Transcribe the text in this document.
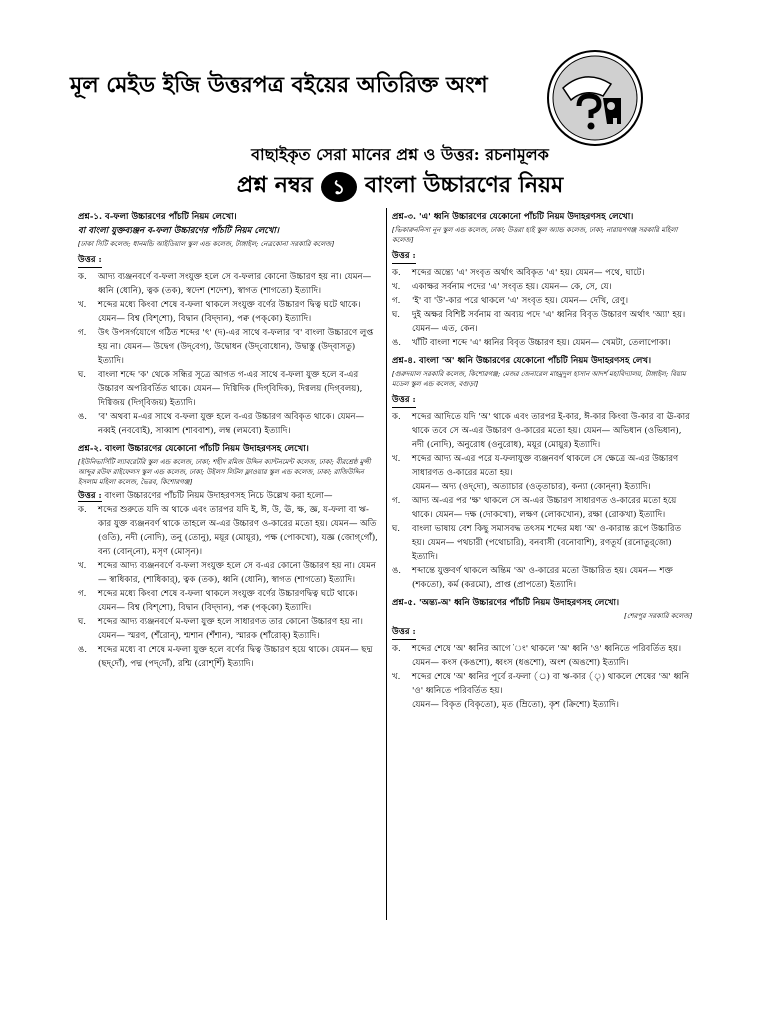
মূল মেইড ইজি উত্তরপত্র বইয়ের অতিরিক্ত অংশ
বাছাইকৃত সেরা মানের প্রশ্ন ও উত্তর: রচনামূলক
প্রশ্ন নম্বর ১ বাংলা উচ্চারণের নিয়ম
প্রশ্ন-১. ব-ফলা উচ্চারণের পাঁচটি নিয়ম লেখো।
বা বাংলা যুক্তব্যঞ্জন ব-ফলা উচ্চারণের পাঁচটি নিয়ম লেখো।
[ঢাকা সিটি কলেজ; ধানমন্ডি আইডিয়াল স্কুল এন্ড কলেজ, টাঙ্গাইল; নেত্রকোনা সরকারি কলেজ]
উত্তর :
ক.	আদ্য ব্যঞ্জনবর্ণে ব-ফলা সংযুক্ত হলে সে ব-ফলার কোনো উচ্চারণ হয় না। যেমন— ধ্বনি (ধোনি), ত্বক (তক), স্বদেশ (শদেশ), স্বাগত (শাগতো) ইত্যাদি।
খ.	শব্দের মধ্যে কিংবা শেষে ব-ফলা থাকলে সংযুক্ত বর্ণের উচ্চারণ দ্বিত্ব ঘটে থাকে। যেমন— বিশ্ব (বিশ্‌শো), বিদ্বান (বিদ্‌দান), পক্ব (পক্‌কো) ইত্যাদি।
গ.	উৎ উপসর্গযোগে গঠিত শব্দের 'ৎ' (দ)-এর সাথে ব-ফলার 'ব' বাংলা উচ্চারণে লুপ্ত হয় না। যেমন— উদ্বেগ (উদ্‌বেগ), উদ্বোধন (উদ্‌বোধোন), উদ্বাস্তু (উদ্‌বাসতু) ইত্যাদি।
ঘ.	বাংলা শব্দে 'ক' থেকে সন্ধির সূত্রে আগত গ-এর সাথে ব-ফলা যুক্ত হলে ব-এর উচ্চারণ অপরিবর্তিত থাকে। যেমন— দিগ্বিদিক (দিগ্‌বিদিক), দিগ্বলয় (দিগ্‌বলয়), দিগ্বিজয় (দিগ্‌বিজয়) ইত্যাদি।
ঙ.	'ব' অথবা ম-এর সাথে ব-ফলা যুক্ত হলে ব-এর উচ্চারণ অবিকৃত থাকে। যেমন— নব্বই (নববোই), সাব্বাশ (শাববাশ), লম্ব (লমবো) ইত্যাদি।
প্রশ্ন-২. বাংলা উচ্চারণের যেকোনো পাঁচটি নিয়ম উদাহরণসহ লেখো।
[ইউনিভার্সিটি ল্যাবরেটরি স্কুল এন্ড কলেজ, ঢাকা; শহীদ রমিজ উদ্দিন ক্যান্টনমেন্ট কলেজ, ঢাকা; বীরশ্রেষ্ঠ মুন্সী আব্দুর রউফ রাইফেলস স্কুল এন্ড কলেজ, ঢাকা; উইলস লিটল ফ্লাওয়ার স্কুল এন্ড কলেজ, ঢাকা; রাজিউদ্দিন ইসলাম মহিলা কলেজ, ভৈরব, কিশোরগঞ্জ]
উত্তর : বাংলা উচ্চারণের পাঁচটি নিয়ম উদাহরণসহ নিচে উল্লেখ করা হলো—
ক.	শব্দের শুরুতে যদি অ থাকে এবং তারপর যদি ই, ঈ, উ, ঊ, ক্ষ, জ্ঞ, য-ফলা বা ঋ-কার যুক্ত ব্যঞ্জনবর্ণ থাকে তাহলে অ-এর উচ্চারণ ও-কারের মতো হয়। যেমন— অতি (ওতি), নদী (নোদি), তনু (তোনু), ময়ূর (মোয়ূর), পক্ষ (পোকখো), যজ্ঞ (জোগ্‌গোঁ), বন্য (বোন্‌নো), মসৃণ (মোসৃন)।
খ.	শব্দের আদ্য ব্যঞ্জনবর্ণে ব-ফলা সংযুক্ত হলে সে ব-এর কোনো উচ্চারণ হয় না। যেমন— স্বাধিকার, (শাধিকার্‌), ত্বক (তক), ধ্বনি (ধোনি), স্বাগত (শাগতো) ইত্যাদি।
গ.	শব্দের মধ্যে কিংবা শেষে ব-ফলা থাকলে সংযুক্ত বর্ণের উচ্চারণদ্বিত্ব ঘটে থাকে। যেমন— বিশ্ব (বিশ্‌শো), বিদ্বান (বিদ্‌দান), পক্ব (পক্‌কো) ইত্যাদি।
ঘ.	শব্দের আদ্য ব্যঞ্জনবর্ণে ম-ফলা যুক্ত হলে সাধারণত তার কোনো উচ্চারণ হয় না। যেমন— স্মরণ, (শঁরোন্‌), শ্মশান (শঁশান), স্মারক (শাঁরোক্‌) ইত্যাদি।
ঙ.	শব্দের মধ্যে বা শেষে ম-ফলা যুক্ত হলে বর্ণের দ্বিত্ব উচ্চারণ হয়ে থাকে। যেমন— ছদ্ম (ছদ্‌দোঁ), পদ্ম (পদ্‌দোঁ), রশ্মি (রোশ্‌শিঁ) ইত্যাদি।
প্রশ্ন-৩. 'এ' ধ্বনি উচ্চারণের যেকোনো পাঁচটি নিয়ম উদাহরণসহ লেখো।
[ভিকারুননিসা নূন স্কুল এন্ড কলেজ, ঢাকা; উত্তরা হাই স্কুল অ্যান্ড কলেজ, ঢাকা; নারায়ণগঞ্জ সরকারি মহিলা কলেজ]
উত্তর :
ক.	শব্দের অন্ত্যে 'এ' সংবৃত অর্থাৎ অবিকৃত 'এ' হয়। যেমন— পথে, ঘাটে।
খ.	একাক্ষর সর্বনাম পদের 'এ' সংবৃত হয়। যেমন— কে, সে, যে।
গ.	'ই' বা 'উ'-কার পরে থাকলে 'এ' সংবৃত হয়। যেমন— দেখি, রেণু।
ঘ.	দুই অক্ষর বিশিষ্ট সর্বনাম বা অব্যয় পদে 'এ' ধ্বনির বিবৃত উচ্চারণ অর্থাৎ 'অ্যা' হয়। যেমন— এত, কেন।
ঙ.	খাঁটি বাংলা শব্দে 'এ' ধ্বনির বিবৃত উচ্চারণ হয়। যেমন— খেমটা, তেলাপোকা।
প্রশ্ন-৪. বাংলা 'অ' ধ্বনি উচ্চারণের যেকোনো পাঁচটি নিয়ম উদাহরণসহ লেখ।
[গুরুদয়াল সরকারি কলেজ, কিশোরগঞ্জ; মেজর জেনারেল মাহমুদুল হাসান আদর্শ মহাবিদ্যালয়, টাঙ্গাইল; বিয়াম মডেল স্কুল এন্ড কলেজ, বগুড়া]
উত্তর :
ক.	শব্দের আদিতে যদি 'অ' থাকে এবং তারপর ই-কার, ঈ-কার কিংবা উ-কার বা ঊ-কার থাকে তবে সে অ-এর উচ্চারণ ও-কারের মতো হয়। যেমন— অভিধান (ওভিধান), নদী (নোদি), অনুরোধ (ওনুরোধ), ময়ূর (মোয়ুর) ইত্যাদি।
খ.	শব্দের আদ্য অ-এর পরে য-ফলাযুক্ত ব্যঞ্জনবর্ণ থাকলে সে ক্ষেত্রে অ-এর উচ্চারণ সাধারণত ও-কারের মতো হয়।
যেমন— অদ্য (ওদ্‌দো), অত্যাচার (ওত্‌তাচার), কন্যা (কোন্‌না) ইত্যাদি।
গ.	আদ্য অ-এর পর 'ক্ষ' থাকলে সে অ-এর উচ্চারণ সাধারণত ও-কারের মতো হয়ে থাকে। যেমন— দক্ষ (দোকখো), লক্ষণ (লোকখোন), রক্ষা (রোকখা) ইত্যাদি।
ঘ.	বাংলা ভাষায় বেশ কিছু সমাসবদ্ধ তৎসম শব্দের মধ্য 'অ' ও-কারান্ত রূপে উচ্চারিত হয়। যেমন— পথচারী (পথোচারি), বনবাসী (বনোবাশি), রণতূর্য (রনোতুর্‌জো) ইত্যাদি।
ঙ.	শব্দান্তে যুক্তবর্ণ থাকলে অন্তিম 'অ' ও-কারের মতো উচ্চারিত হয়। যেমন— শক্ত (শকতো), কর্ম (করমো), প্রাপ্ত (প্রাপতো) ইত্যাদি।
প্রশ্ন-৫. 'অন্ত্য-অ' ধ্বনি উচ্চারণের পাঁচটি নিয়ম উদাহরণসহ লেখো।
[শেরপুর সরকারি কলেজ]
উত্তর :
ক.	শব্দের শেষে 'অ' ধ্বনির আগে 'ং' থাকলে 'অ' ধ্বনি 'ও' ধ্বনিতে পরিবর্তিত হয়। যেমন— কংস (কঙশো), ধ্বংস (ধঙশো), অংশ (অঙশো) ইত্যাদি।
খ.	শব্দের শেষে 'অ' ধ্বনির পূর্বে র-ফলা (্র) বা ঋ-কার (ৃ) থাকলে শেষের 'অ' ধ্বনি 'ও' ধ্বনিতে পরিবর্তিত হয়।
যেমন— বিকৃত (বিকৃতো), মৃত (ম্রিতো), কৃশ (ক্রিশো) ইত্যাদি।
